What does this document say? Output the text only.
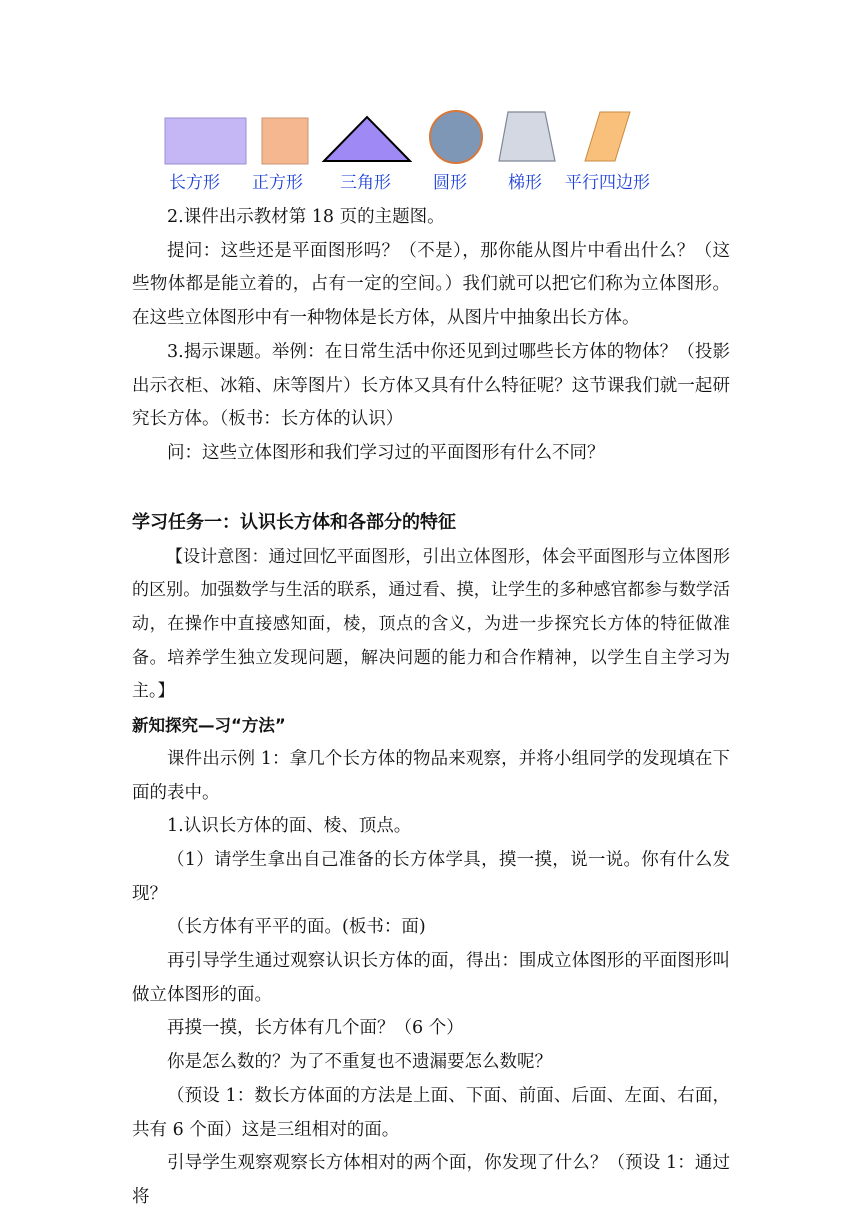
长方形 正方形 三角形 圆形 梯形 平行四边形

2.课件出示教材第 18 页的主题图。

提问：这些还是平面图形吗？（不是），那你能从图片中看出什么？（这些物体都是能立着的，占有一定的空间。）我们就可以把它们称为立体图形。在这些立体图形中有一种物体是长方体，从图片中抽象出长方体。

3.揭示课题。举例：在日常生活中你还见到过哪些长方体的物体？（投影出示衣柜、冰箱、床等图片）长方体又具有什么特征呢？这节课我们就一起研究长方体。（板书：长方体的认识）

问：这些立体图形和我们学习过的平面图形有什么不同？

学习任务一：认识长方体和各部分的特征

【设计意图：通过回忆平面图形，引出立体图形，体会平面图形与立体图形的区别。加强数学与生活的联系，通过看、摸，让学生的多种感官都参与数学活动，在操作中直接感知面，棱，顶点的含义，为进一步探究长方体的特征做准备。培养学生独立发现问题，解决问题的能力和合作精神，以学生自主学习为主。】

新知探究—习“方法”

课件出示例 1：拿几个长方体的物品来观察，并将小组同学的发现填在下面的表中。

1.认识长方体的面、棱、顶点。

（1）请学生拿出自己准备的长方体学具，摸一摸，说一说。你有什么发现？

（长方体有平平的面。(板书：面)

再引导学生通过观察认识长方体的面，得出：围成立体图形的平面图形叫做立体图形的面。

再摸一摸，长方体有几个面？（6 个）

你是怎么数的？为了不重复也不遗漏要怎么数呢？

（预设 1：数长方体面的方法是上面、下面、前面、后面、左面、右面，共有 6 个面）这是三组相对的面。

引导学生观察观察长方体相对的两个面，你发现了什么？（预设 1：通过将
